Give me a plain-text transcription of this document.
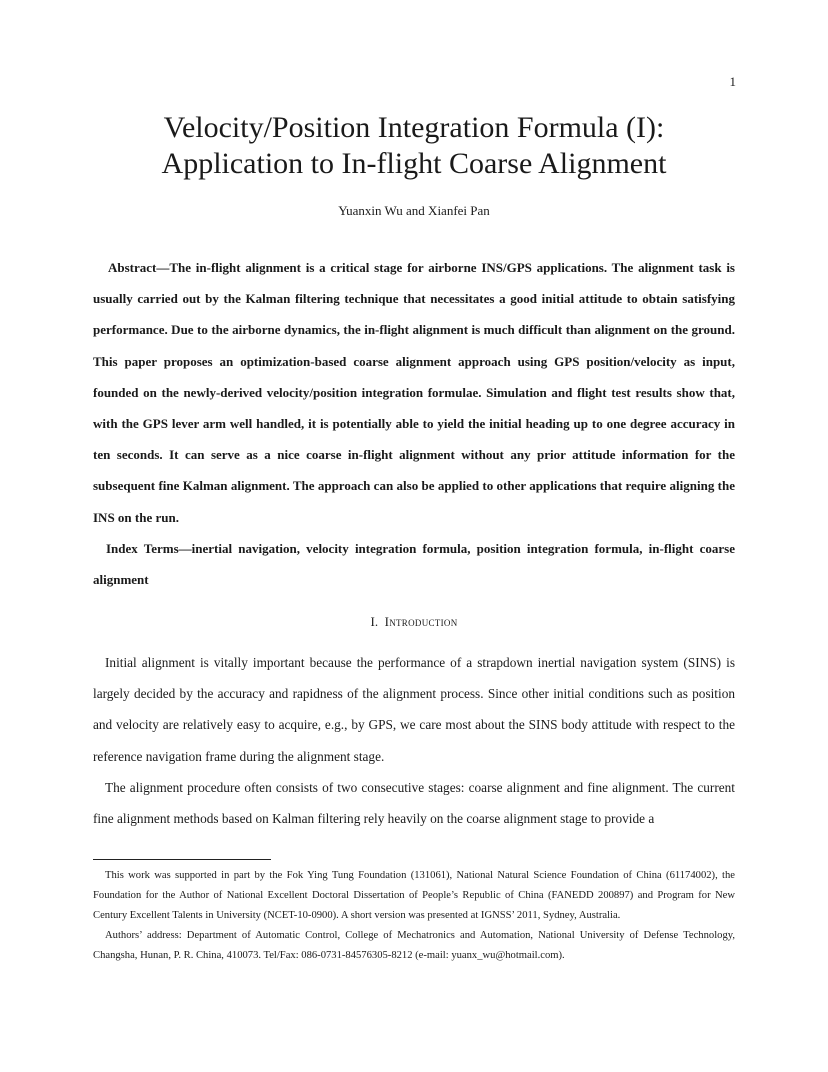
1
Velocity/Position Integration Formula (I):
Application to In-flight Coarse Alignment
Yuanxin Wu and Xianfei Pan

Abstract—The in-flight alignment is a critical stage for airborne INS/GPS applications. The alignment task is usually carried out by the Kalman filtering technique that necessitates a good initial attitude to obtain satisfying performance. Due to the airborne dynamics, the in-flight alignment is much difficult than alignment on the ground. This paper proposes an optimization-based coarse alignment approach using GPS position/velocity as input, founded on the newly-derived velocity/position integration formulae. Simulation and flight test results show that, with the GPS lever arm well handled, it is potentially able to yield the initial heading up to one degree accuracy in ten seconds. It can serve as a nice coarse in-flight alignment without any prior attitude information for the subsequent fine Kalman alignment. The approach can also be applied to other applications that require aligning the INS on the run.

Index Terms—inertial navigation, velocity integration formula, position integration formula, in-flight coarse alignment

I. Introduction

Initial alignment is vitally important because the performance of a strapdown inertial navigation system (SINS) is largely decided by the accuracy and rapidness of the alignment process. Since other initial conditions such as position and velocity are relatively easy to acquire, e.g., by GPS, we care most about the SINS body attitude with respect to the reference navigation frame during the alignment stage.

The alignment procedure often consists of two consecutive stages: coarse alignment and fine alignment. The current fine alignment methods based on Kalman filtering rely heavily on the coarse alignment stage to provide a

This work was supported in part by the Fok Ying Tung Foundation (131061), National Natural Science Foundation of China (61174002), the Foundation for the Author of National Excellent Doctoral Dissertation of People’s Republic of China (FANEDD 200897) and Program for New Century Excellent Talents in University (NCET-10-0900). A short version was presented at IGNSS’ 2011, Sydney, Australia.

Authors’ address: Department of Automatic Control, College of Mechatronics and Automation, National University of Defense Technology, Changsha, Hunan, P. R. China, 410073. Tel/Fax: 086-0731-84576305-8212 (e-mail: yuanx_wu@hotmail.com).
